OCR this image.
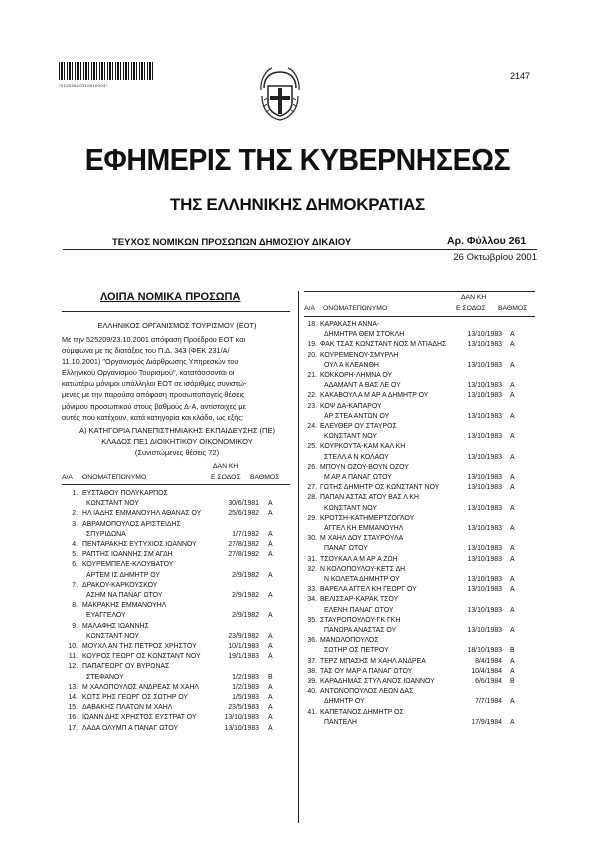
*01002610310010004*
2147
ΕΦΗΜΕΡΙΣ ΤΗΣ ΚΥΒΕΡΝΗΣΕΩΣ
ΤΗΣ ΕΛΛΗΝΙΚΗΣ ΔΗΜΟΚΡΑΤΙΑΣ
ΤΕΥΧΟΣ ΝΟΜΙΚΩΝ ΠΡΟΣΩΠΩΝ ΔΗΜΟΣΙΟΥ ΔΙΚΑΙΟΥ	Αρ. Φύλλου 261
26 Οκτωβρίου 2001
ΛΟΙΠΑ ΝΟΜΙΚΑ ΠΡΟΣΩΠΑ
ΕΛΛΗΝΙΚΟΣ ΟΡΓΑΝΙΣΜΟΣ ΤΟΥΡΙΣΜΟΥ (ΕΟΤ)
Με την 525209/23.10.2001 απόφαση Προέδρου ΕΟΤ και
σύμφωνα με τις διατάξεις του Π.Δ. 343 (ΦΕΚ 231/Α/
11.10.2001) "Οργανισμός Διάρθρωσης Υπηρεσιών του
Ελληνικού Οργανισμού Τουρισμού", κατατάσσονται οι
κατωτέρω μόνιμοι υπάλληλοι ΕΟΤ σε ισάριθμες συνιστώ-
μενες με την παρούσα απόφαση προσωποπαγείς θέσεις
μόνιμου προσωπικού στους βαθμούς Δ-Α, αντίστοιχες με
αυτές που κατέχουν, κατά κατηγορία και κλάδο, ως εξής:
Α) ΚΑΤΗΓΟΡΙΑ ΠΑΝΕΠΙΣΤΗΜΙΑΚΗΣ ΕΚΠΑΙΔΕΥΣΗΣ (ΠΕ)
ΚΛΑΔΟΣ ΠΕ1 ΔΙΟΙΚΗΤΙΚΟΥ ΟΙΚΟΝΟΜΙΚΟΥ
(Συνιστώμενες θέσεις 72)
ΔΑΝ ΚΗ
Α/Α ΟΝΟΜΑΤΕΠΩΝΥΜΟ	Ε ΣΟΔΟΣ ΒΑΘΜΟΣ
1. ΕΥΣΤΑΘΟΥ ΠΟΛΥΚΑΡΠΟΣ
ΚΩΝΣΤΑΝΤ ΝΟΥ	30/6/1981 Α
2. ΗΛ ΙΑΔΗΣ ΕΜΜΑΝΟΥΗΛ ΑΘΑΝΑΣ ΟΥ	25/6/1982 Α
3. ΑΒΡΑΜΟΠΟΥΛΟΣ ΑΡΙΣΤΕΙΔΗΣ
ΣΠΥΡΙΔΩΝΑ	1/7/1982 Α
4. ΠΕΝΤΑΡΑΚΗΣ ΕΥΤΥΧΙΟΣ ΙΩΑΝΝΟΥ	27/8/1982 Α
5. ΡΑΠΤΗΣ ΙΩΑΝΝΗΣ ΣΜ ΑΓΔΗ	27/8/1982 Α
6. ΚΟΥΡΕΜΠΕΛΕ-ΚΛΟΥΒΑΤΟΥ
ΑΡΤΕΜ ΙΣ ΔΗΜΗΤΡ ΟΥ	2/9/1982 Α
7. ΔΡΑΚΟΥ-ΚΑΡΚΟΥΣΚΟΥ
ΑΣΗΜ ΝΑ ΠΑΝΑΓ ΩΤΟΥ	2/9/1982 Α
8. ΜΑΚΡΑΚΗΣ ΕΜΜΑΝΟΥΗΛ
ΕΥΑΓΓΕΛΟΥ	2/9/1982 Α
9. ΜΑΛΑΦΗΣ ΙΩΑΝΝΗΣ
ΚΩΝΣΤΑΝΤ ΝΟΥ	23/9/1982 Α
10. ΜΟΥΧΛ ΑΝ ΤΗΣ ΠΕΤΡΟΣ ΧΡΗΣΤΟΥ	10/1/1983 Α
11. ΚΟΥΡΟΣ ΓΕΩΡΓ ΟΣ ΚΩΝΣΤΑΝΤ ΝΟΥ	19/1/1983 Α
12. ΠΑΠΑΓΕΩΡΓ ΟΥ ΒΥΡΩΝΑΣ
ΣΤΕΦΑΝΟΥ	1/2/1983 Β
13. Μ ΧΑΛΟΠΟΥΛΟΣ ΑΝΔΡΕΑΣ Μ ΧΑΗΛ	1/2/1983 Α
14. ΚΩΤΣ ΡΗΣ ΓΕΩΡΓ ΟΣ ΣΩΤΗΡ ΟΥ	1/5/1983 Α
15. ΔΑΒΑΚΗΣ ΠΛΑΤΩΝ Μ ΧΑΗΛ	23/5/1983 Α
16. ΙΩΑΝΝ ΔΗΣ ΧΡΗΣΤΟΣ ΕΥΣΤΡΑΤ ΟΥ	13/10/1983 Α
17. ΛΑΔΑ ΟΛΥΜΠ Α ΠΑΝΑΓ ΩΤΟΥ	13/10/1983 Α
ΔΑΝ ΚΗ
Α/Α ΟΝΟΜΑΤΕΠΩΝΥΜΟ	Ε ΣΟΔΟΣ ΒΑΘΜΟΣ
18. ΚΑΡΑΚΑΣΗ ΑΝΝΑ-
ΔΗΜΗΤΡΑ ΘΕΜ ΣΤΟΚΛΗ	13/10/1983 Α
19. ΦΑΚ ΤΣΑΣ ΚΩΝΣΤΑΝΤ ΝΟΣ Μ ΛΤΙΑΔΗΣ	13/10/1983 Α
20. ΚΟΥΡΕΜΕΝΟΥ-ΣΜΥΡΛΗ
ΟΥΛ Α ΚΛΕΑΝΘΗ	13/10/1983 Α
21. ΚΟΚΚΟΡΗ-ΛΗΜΝΑ ΟΥ
ΑΔΑΜΑΝΤ Α ΒΑΣ ΛΕ ΟΥ	13/10/1983 Α
22. ΚΑΚΑΒΟΥΛ Α Μ ΑΡ Α ΔΗΜΗΤΡ ΟΥ	13/10/1983 Α
23. ΚΟΨ ΔΑ-ΚΑΠΑΡΟΥ
ΑΡ ΣΤΕΑ ΑΝΤΩΝ ΟΥ	13/10/1983 Α
24. ΕΛΕΥΘΕΡ ΟΥ ΣΤΑΥΡΟΣ
ΚΩΝΣΤΑΝΤ ΝΟΥ	13/10/1983 Α
25. ΚΟΥΡΚΟΥΤΑ-ΚΑΜ ΚΑΛ ΚΗ
ΣΤΕΛΛ Α Ν ΚΟΛΑΟΥ	13/10/1983 Α
26. ΜΠΟΥΝ ΟΖΟΥ-ΒΟΥΝ ΟΖΟΥ
Μ ΑΡ Α ΠΑΝΑΓ ΩΤΟΥ	13/10/1983 Α
27. ΓΩΤΗΣ ΔΗΜΗΤΡ ΟΣ ΚΩΝΣΤΑΝΤ ΝΟΥ	13/10/1983 Α
28. ΠΑΠΑΝ ΑΣΤΑΣ ΑΤΟΥ ΒΑΣ Λ ΚΗ
ΚΩΝΣΤΑΝΤ ΝΟΥ	13/10/1983 Α
29. ΚΡΟΤΣΗ-ΚΑΤΗΜΕΡΤΖΟΓΛΟΥ
ΑΓΓΕΛ ΚΗ ΕΜΜΑΝΟΥΗΛ	13/10/1983 Α
30. Μ ΧΑΗΛ ΔΟΥ ΣΤΑΥΡΟΥΛΑ
ΠΑΝΑΓ ΩΤΟΥ	13/10/1983 Α
31. ΤΣΟΥΚΑΛ Α Μ ΑΡ Α ΖΩΗ	13/10/1983 Α
32. Ν ΚΟΛΟΠΟΥΛΟΥ-ΚΕΤΣ ΔΗ
Ν ΚΟΛΕΤΑ ΔΗΜΗΤΡ ΟΥ	13/10/1983 Α
33. ΒΑΡΕΛΑ ΑΓΓΕΛ ΚΗ ΓΕΩΡΓ ΟΥ	13/10/1983 Α
34. ΒΕΛΙΣΣΑΡ-ΚΑΡΑΚ ΤΣΟΥ
ΕΛΕΝΗ ΠΑΝΑΓ ΩΤΟΥ	13/10/1983 Α
35. ΣΤΑΥΡΟΠΟΥΛΟΥ-ΓΚ ΓΚΗ
ΠΑΝΩΡΑ ΑΝΑΣΤΑΣ ΟΥ	13/10/1983 Α
36. ΜΑΝΩΛΟΠΟΥΛΟΣ
ΣΩΤΗΡ ΟΣ ΠΕΤΡΟΥ	18/10/1983 Β
37. ΤΕΡΖ ΜΠΑΣΗΣ Μ ΧΑΗΛ ΑΝΔΡΕΑ	8/4/1984 Α
38. ΤΑΣ ΟΥ ΜΑΡ Α ΠΑΝΑΓ ΩΤΟΥ	10/4/1984 Α
39. ΚΑΡΑΔΗΜΑΣ ΣΤΥΛ ΑΝΟΣ ΙΩΑΝΝΟΥ	6/6/1984 Β
40. ΑΝΤΩΝΟΠΟΥΛΟΣ ΛΕΩΝ ΔΑΣ
ΔΗΜΗΤΡ ΟΥ	7/7/1984 Α
41. ΚΑΠΕΤΑΝΟΣ ΔΗΜΗΤΡ ΟΣ
ΠΑΝΤΕΛΗ	17/9/1984 Α
